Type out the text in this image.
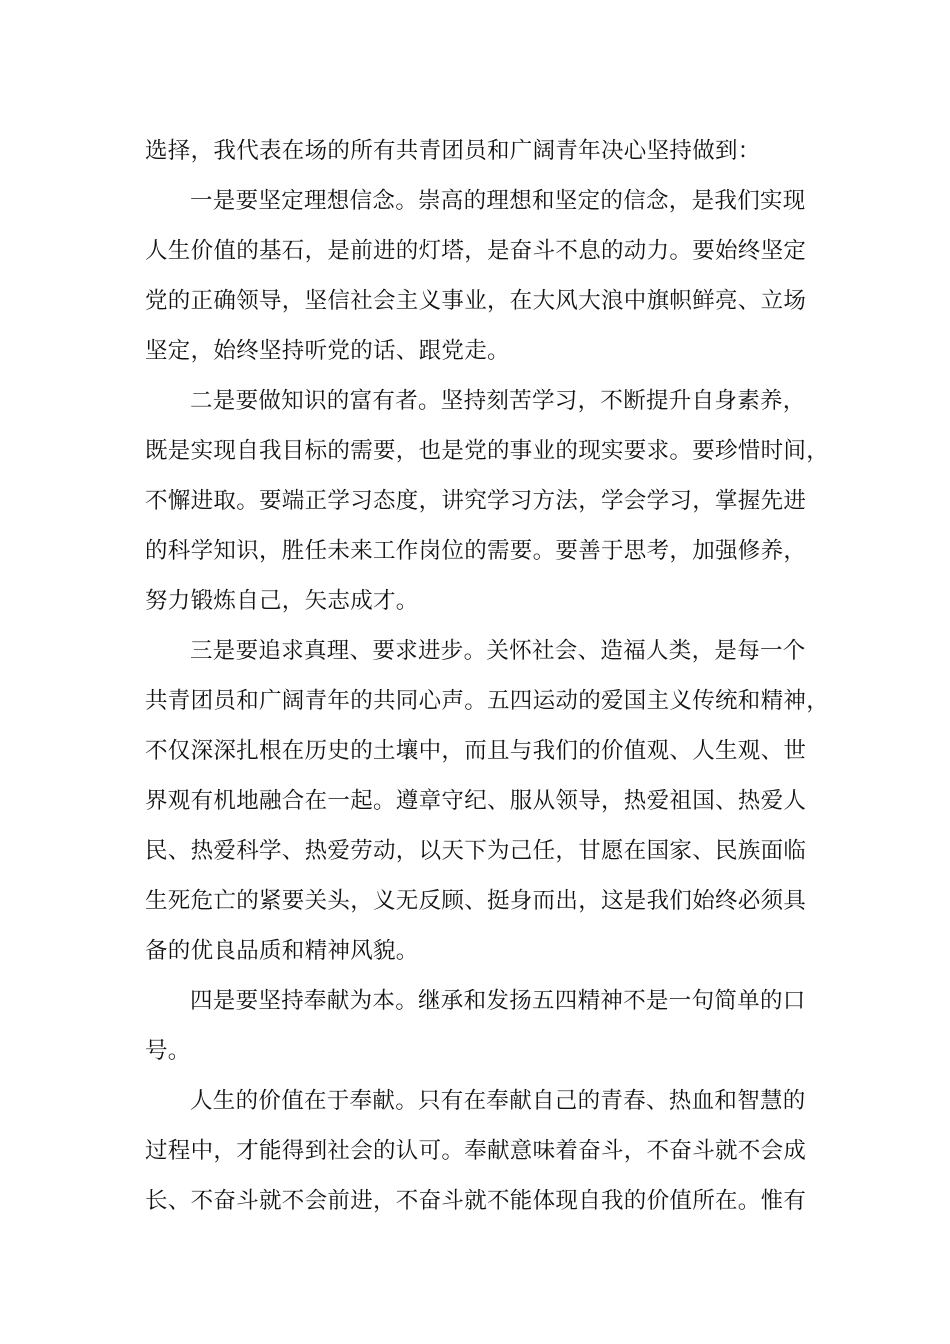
选择，我代表在场的所有共青团员和广阔青年决心坚持做到：
一是要坚定理想信念。崇高的理想和坚定的信念，是我们实现
人生价值的基石，是前进的灯塔，是奋斗不息的动力。要始终坚定
党的正确领导，坚信社会主义事业，在大风大浪中旗帜鲜亮、立场
坚定，始终坚持听党的话、跟党走。
二是要做知识的富有者。坚持刻苦学习，不断提升自身素养，
既是实现自我目标的需要，也是党的事业的现实要求。要珍惜时间，
不懈进取。要端正学习态度，讲究学习方法，学会学习，掌握先进
的科学知识，胜任未来工作岗位的需要。要善于思考，加强修养，
努力锻炼自己，矢志成才。
三是要追求真理、要求进步。关怀社会、造福人类，是每一个
共青团员和广阔青年的共同心声。五四运动的爱国主义传统和精神，
不仅深深扎根在历史的土壤中，而且与我们的价值观、人生观、世
界观有机地融合在一起。遵章守纪、服从领导，热爱祖国、热爱人
民、热爱科学、热爱劳动，以天下为己任，甘愿在国家、民族面临
生死危亡的紧要关头，义无反顾、挺身而出，这是我们始终必须具
备的优良品质和精神风貌。
四是要坚持奉献为本。继承和发扬五四精神不是一句简单的口
号。
人生的价值在于奉献。只有在奉献自己的青春、热血和智慧的
过程中，才能得到社会的认可。奉献意味着奋斗，不奋斗就不会成
长、不奋斗就不会前进，不奋斗就不能体现自我的价值所在。惟有
